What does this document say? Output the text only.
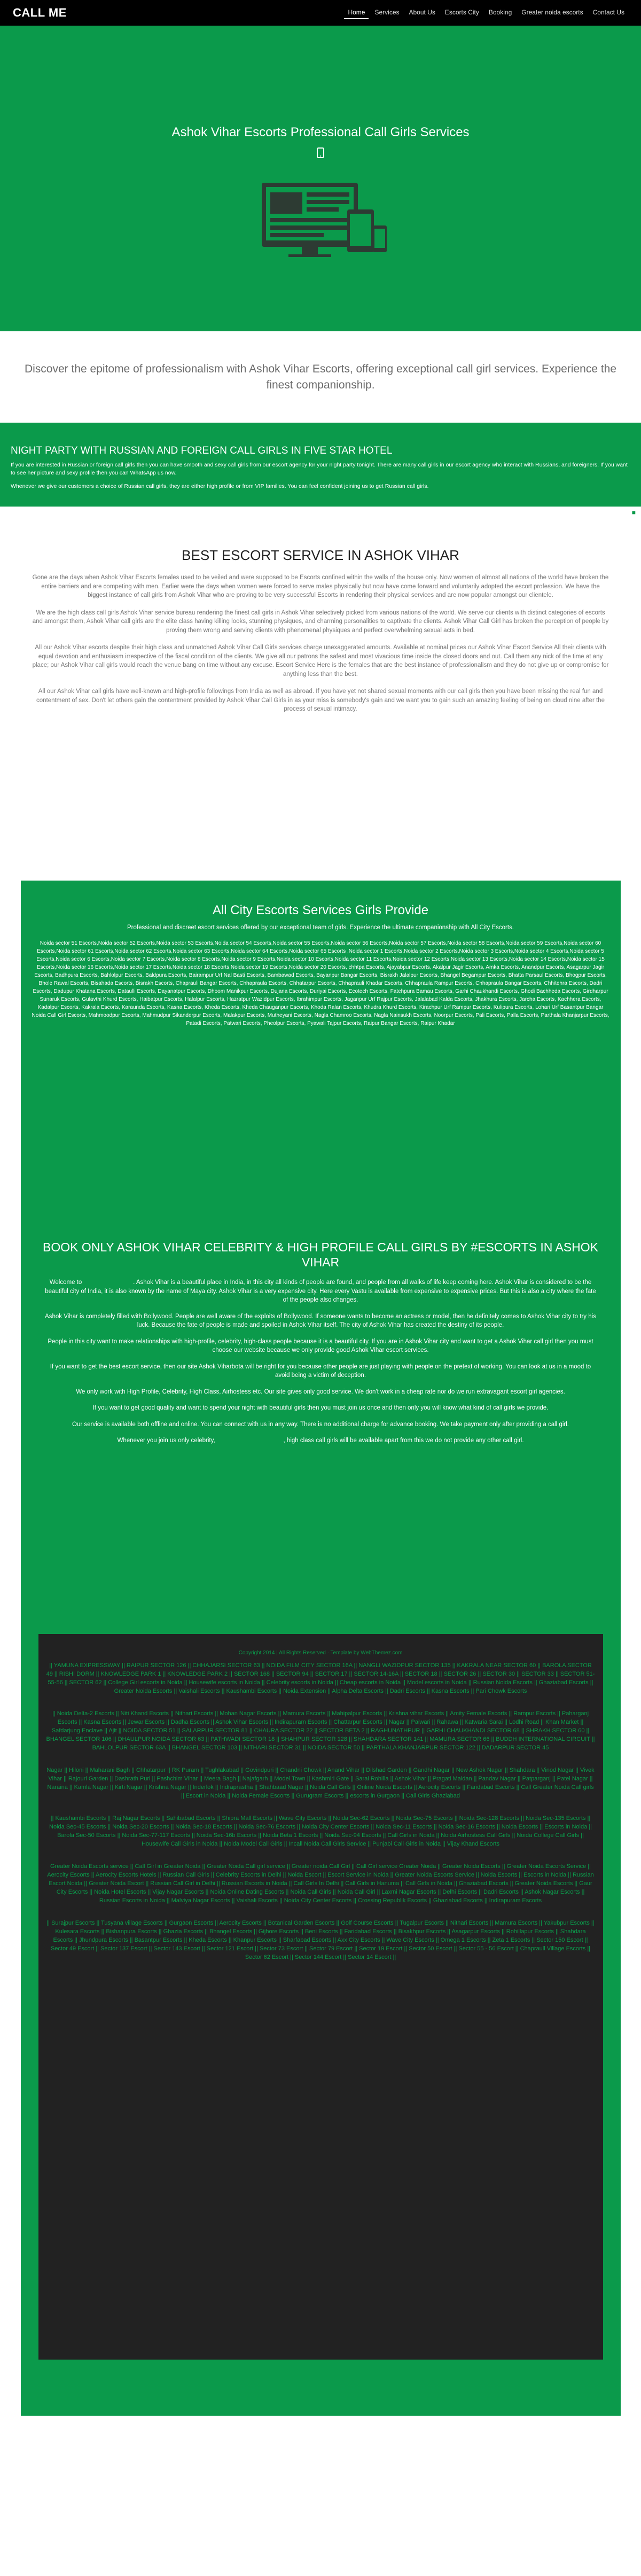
CALL ME	Home	Services	About Us	Escorts City	Booking	Greater noida escorts	Contact Us
Ashok Vihar Escorts Professional Call Girls Services

Discover the epitome of professionalism with Ashok Vihar Escorts, offering exceptional call girl services. Experience the finest companionship.

NIGHT PARTY WITH RUSSIAN AND FOREIGN CALL GIRLS IN FIVE STAR HOTEL

If you are interested in Russian or foreign call girls then you can have smooth and sexy call girls from our escort agency for your night party tonight. There are many call girls in our escort agency who interact with Russians, and foreigners. If you want to see her picture and sexy profile then you can WhatsApp us now.

Whenever we give our customers a choice of Russian call girls, they are either high profile or from VIP families. You can feel confident joining us to get Russian call girls.

■
BEST ESCORT SERVICE IN ASHOK VIHAR

Gone are the days when Ashok Vihar Escorts females used to be veiled and were supposed to be Escorts confined within the walls of the house only. Now women of almost all nations of the world have broken the entire barriers and are competing with men. Earlier were the days when women were forced to serve males physically but now have come forward and voluntarily adopted the escort profession. We have the biggest instance of call girls from Ashok Vihar who are proving to be very successful Escorts in rendering their physical services and are now popular amongst our clientele.

We are the high class call girls Ashok Vihar service bureau rendering the finest call girls in Ashok Vihar selectively picked from various nations of the world. We serve our clients with distinct categories of escorts and amongst them, Ashok Vihar call girls are the elite class having killing looks, stunning physiques, and charming personalities to captivate the clients. Ashok Vihar Call Girl has broken the perception of people by proving them wrong and serving clients with phenomenal physiques and perfect overwhelming sexual acts in bed.

All our Ashok Vihar escorts despite their high class and unmatched Ashok Vihar Call Girls services charge unexaggerated amounts. Available at nominal prices our Ashok Vihar Escort Service All their clients with equal devotion and enthusiasm irrespective of the fiscal condition of the clients. We give all our patrons the safest and most vivacious time inside the closed doors and out. Call them any nick of the time at any place; our Ashok Vihar call girls would reach the venue bang on time without any excuse. Escort Service Here is the females that are the best instance of professionalism and they do not give up or compromise for anything less than the best.

All our Ashok Vihar call girls have well-known and high-profile followings from India as well as abroad. If you have yet not shared sexual moments with our call girls then you have been missing the real fun and contentment of sex. Don't let others gain the contentment provided by Ashok Vihar Call Girls in as your miss is somebody's gain and we want you to gain such an amazing feeling of being on cloud nine after the process of sexual intimacy.

All City Escorts Services Girls Provide

Professional and discreet escort services offered by our exceptional team of girls. Experience the ultimate companionship with All City Escorts.

Noida sector 51 Escorts,Noida sector 52 Escorts,Noida sector 53 Escorts,Noida sector 54 Escorts,Noida sector 55 Escorts,Noida sector 56 Escorts,Noida sector 57 Escorts,Noida sector 58 Escorts,Noida sector 59 Escorts,Noida sector 60 Escorts,Noida sector 61 Escorts,Noida sector 62 Escorts,Noida sector 63 Escorts,Noida sector 64 Escorts,Noida sector 65 Escorts ,Noida sector 1 Escorts,Noida sector 2 Escorts,Noida sector 3 Escorts,Noida sector 4 Escorts,Noida sector 5 Escorts,Noida sector 6 Escorts,Noida sector 7 Escorts,Noida sector 8 Escorts,Noida sector 9 Escorts,Noida sector 10 Escorts,Noida sector 11 Escorts,Noida sector 12 Escorts,Noida sector 13 Escorts,Noida sector 14 Escorts,Noida sector 15 Escorts,Noida sector 16 Escorts,Noida sector 17 Escorts,Noida sector 18 Escorts,Noida sector 19 Escorts,Noida sector 20 Escorts, chhtpa Escorts, Ajayabpur Escorts, Akalpur Jagir Escorts, Amka Escorts, Anandpur Escorts, Asagarpur Jagir Escorts, Badhpura Escorts, Bahlolpur Escorts, Baldpura Escorts, Bairampur Urf Nal Basti Escorts, Bambawad Escorts, Bayanpur Bangar Escorts, Bisrakh Jalalpur Escorts, Bhangel Begampur Escorts, Bhatta Parsaul Escorts, Bhogpur Escorts, Bhole Rawal Escorts, Bisahada Escorts, Bisrakh Escorts, Chaprauli Bangar Escorts, Chhapraula Escorts, Chhatarpur Escorts, Chhaprauli Khadar Escorts, Chhapraula Rampur Escorts, Chhapraula Bangar Escorts, Chhitehra Escorts, Dadri Escorts, Dadupur Khatana Escorts, Dataulli Escorts, Dayanatpur Escorts, Dhoom Manikpur Escorts, Dujana Escorts, Duriyai Escorts, Ecotech Escorts, Fatehpura Bamau Escorts, Garhi Chaukhandi Escorts, Ghodi Bachheda Escorts, Girdharpur Sunaruk Escorts, Gulavthi Khurd Escorts, Haibatpur Escorts, Halalpur Escorts, Hazratpur Wazidpur Escorts, Ibrahimpur Escorts, Jaganpur Urf Rajpur Escorts, Jalalabad Kalda Escorts, Jhakhura Escorts, Jarcha Escorts, Kachhera Escorts, Kadalpur Escorts, Kakrala Escorts, Karaunda Escorts, Kasna Escorts, Kheda Escorts, Kheda Chauganpur Escorts, Khoda Ralan Escorts, Khudra Khurd Escorts, Kirachpur Urf Rampur Escorts, Kulipura Escorts, Lohari Urf Basantpur Bangar Noida Call Girl Escorts, Mahmoodpur Escorts, Mahmudpur Sikanderpur Escorts, Malakpur Escorts, Mutheyani Escorts, Nagla Chamroo Escorts, Nagla Nainsukh Escorts, Noorpur Escorts, Pali Escorts, Palla Escorts, Parthala Khanjarpur Escorts, Patadi Escorts, Patwari Escorts, Pheolpur Escorts, Pyawali Tajpur Escorts, Raipur Bangar Escorts, Raipur Khadar

BOOK ONLY ASHOK VIHAR CELEBRITY & HIGH PROFILE CALL GIRLS BY #ESCORTS IN ASHOK VIHAR

Welcome to	. Ashok Vihar is a beautiful place in India, in this city all kinds of people are found, and people from all walks of life keep coming here. Ashok Vihar is considered to be the beautiful city of India, it is also known by the name of Maya city. Ashok Vihar is a very expensive city. Here every Vastu is available from expensive to expensive prices. But this is also a city where the fate of the people also changes.

Ashok Vihar is completely filled with Bollywood. People are well aware of the exploits of Bollywood. If someone wants to become an actress or model, then he definitely comes to Ashok Vihar city to try his luck. Because the fate of people is made and spoiled in Ashok Vihar itself. The city of Ashok Vihar has created the destiny of its people.

People in this city want to make relationships with high-profile, celebrity, high-class people because it is a beautiful city. If you are in Ashok Vihar city and want to get a Ashok Vihar call girl then you must choose our website because we only provide good Ashok Vihar escort services.

If you want to get the best escort service, then our site Ashok Viharbota will be right for you because other people are just playing with people on the pretext of working. You can look at us in a mood to avoid being a victim of deception.

We only work with High Profile, Celebrity, High Class, Airhostess etc. Our site gives only good service. We don't work in a cheap rate nor do we run extravagant escort girl agencies.

If you want to get good quality and want to spend your night with beautiful girls then you must join us once and then only you will know what kind of call girls we provide.

Our service is available both offline and online. You can connect with us in any way. There is no additional charge for advance booking. We take payment only after providing a call girl.

Whenever you join us only celebrity,	, high class call girls will be available apart from this we do not provide any other call girl.

Copyright 2014 | All Rights Reserved · Template by WebThemez.com

|| YAMUNA EXPRESSWAY || RAIPUR SECTOR 126 || CHHAJARSI SECTOR 63 || NOIDA FILM CITY SECTOR 16A || NANGLI WAZIDPUR SECTOR 135 || KAKRALA NEAR SECTOR 60 || BAROLA SECTOR 49 || RISHI DORM || KNOWLEDGE PARK 1 || KNOWLEDGE PARK 2 || SECTOR 168 || SECTOR 94 || SECTOR 17 || SECTOR 14-16A || SECTOR 18 || SECTOR 26 || SECTOR 30 || SECTOR 33 || SECTOR 51-55-56 || SECTOR 62 || College Girl escorts in Noida || Housewife escorts in Noida || Celebrity escorts in Noida || Cheap escorts in Noida || Model escorts in Noida || Russian Noida Escorts || Ghaziabad Escorts || Greater Noida Escorts || Vaishali Escorts || Kaushambi Escorts || Noida Extension || Alpha Delta Escorts || Dadri Escorts || Kasna Escorts || Pari Chowk Escorts

|| Noida Delta-2 Escorts || Niti Khand Escorts || Nithari Escorts || Mohan Nagar Escorts || Mamura Escorts || Mahipalpur Escorts || Krishna vihar Escorts || Amity Female Escorts || Rampur Escorts || Paharganj Escorts || Kasna Escorts || Jewar Escorts || Dadha Escorts || Ashok Vihar Escorts || Indirapuram Escorts || Chattarpur Escorts || Nagar || Paiwari || Rahawa || Katwaria Sarai || Lodhi Road || Khan Market || Safdarjung Enclave || Ajit || NOIDA SECTOR 51 || SALARPUR SECTOR 81 || CHAURA SECTOR 22 || SECTOR BETA 2 || RAGHUNATHPUR || GARHI CHAUKHANDI SECTOR 68 || SHRAKH SECTOR 60 || BHANGEL SECTOR 106 || DHAULPUR NOIDA SECTOR 63 || PATHWADI SECTOR 18 || SHAHPUR SECTOR 128 || SHAHDARA SECTOR 141 || MAMURA SECTOR 66 || BUDDH INTERNATIONAL CIRCUIT || BAHLOLPUR SECTOR 63A || BHANGEL SECTOR 103 || NITHARI SECTOR 31 || NOIDA SECTOR 50 || PARTHALA KHANJARPUR SECTOR 122 || DADARPUR SECTOR 45

Nagar || Hiloni || Maharani Bagh || Chhatarpur || RK Puram || Tughlakabad || Govindpuri || Chandni Chowk || Anand Vihar || Dilshad Garden || Gandhi Nagar || New Ashok Nagar || Shahdara || Vinod Nagar || Vivek Vihar || Rajouri Garden || Dashrath Puri || Pashchim Vihar || Meera Bagh || Najafgarh || Model Town || Kashmiri Gate || Sarai Rohilla || Ashok Vihar || Pragati Maidan || Pandav Nagar || Patparganj || Patel Nagar || Naraina || Kamla Nagar || Kirti Nagar || Krishna Nagar || Inderlok || Indraprastha || Shahbaad Nagar || Noida Call Girls || Online Noida Escorts || Aerocity Escorts || Faridabad Escorts || Call Greater Noida Call girls || Escort in Noida || Noida Female Escorts || Gurugram Escorts || escorts in Gurgaon || Call Girls Ghaziabad

|| Kaushambi Escorts || Raj Nagar Escorts || Sahibabad Escorts || Shipra Mall Escorts || Wave City Escorts || Noida Sec-62 Escorts || Noida Sec-75 Escorts || Noida Sec-128 Escorts || Noida Sec-135 Escorts || Noida Sec-45 Escorts || Noida Sec-20 Escorts || Noida Sec-18 Escorts || Noida Sec-76 Escorts || Noida City Center Escorts || Noida Sec-11 Escorts || Noida Sec-16 Escorts || Noida Escorts || Escorts in Noida || Barola Sec-50 Escorts || Noida Sec-77-117 Escorts || Noida Sec-16b Escorts || Noida Beta 1 Escorts || Noida Sec-94 Escorts || Call Girls in Noida || Noida Airhostess Call Girls || Noida College Call Girls || Housewife Call Girls in Noida || Noida Model Call Girls || Incall Noida Call Girls Service || Punjabi Call Girls in Noida || Vijay Khand Escorts

Greater Noida Escorts service || Call Girl in Greater Noida || Greater Noida Call girl service || Greater noida Call Girl || Call Girl service Greater Noida || Greater Noida Escorts || Greater Noida Escorts Service || Aerocity Escorts || Aerocity Escorts Hotels || Russian Call Girls || Celebrity Escorts in Delhi || Noida Escort || Escort Service in Noida || Greater Noida Escorts Service || Noida Escorts || Escorts in Noida || Russian Escort Noida || Greater Noida Escort || Russian Call Girl in Delhi || Russian Escorts in Noida || Call Girls In Delhi || Call Girls in Hanuma || Call Girls in Noida || Ghaziabad Escorts || Greater Noida Escorts || Gaur City Escorts || Noida Hotel Escorts || Vijay Nagar Escorts || Noida Online Dating Escorts || Noida Call Girls || Noida Call Girl || Laxmi Nagar Escorts || Delhi Escorts || Dadri Escorts || Ashok Nagar Escorts || Russian Escorts in Noida || Malviya Nagar Escorts || Vaishali Escorts || Noida City Center Escorts || Crossing Republik Escorts || Ghaziabad Escorts || Indirapuram Escorts

|| Surajpur Escorts || Tusyana village Escorts || Gurgaon Escorts || Aerocity Escorts || Botanical Garden Escorts || Golf Course Escorts || Tugalpur Escorts || Nithari Escorts || Mamura Escorts || Yakubpur Escorts || Kulesara Escorts || Bishanpura Escorts || Ghazia Escorts || Bhangel Escorts || Gijhore Escorts || Beni Escorts || Faridabad Escorts || Bisakhpur Escorts || Asagarpur Escorts || Rohillapur Escorts || Shahdara Escorts || Jhundpura Escorts || Basantpur Escorts || Kheda Escorts || Khanpur Escorts || Sharfabad Escorts || Axx City Escorts || Wave City Escorts || Omega 1 Escorts || Zeta 1 Escorts || Sector 150 Escort || Sector 49 Escort || Sector 137 Escort || Sector 143 Escort || Sector 121 Escort || Sector 73 Escort || Sector 79 Escort || Sector 19 Escort || Sector 50 Escort || Sector 55 - 56 Escort || Chapraull Village Escorts || Sector 62 Escort || Sector 144 Escort || Sector 14 Escort ||
